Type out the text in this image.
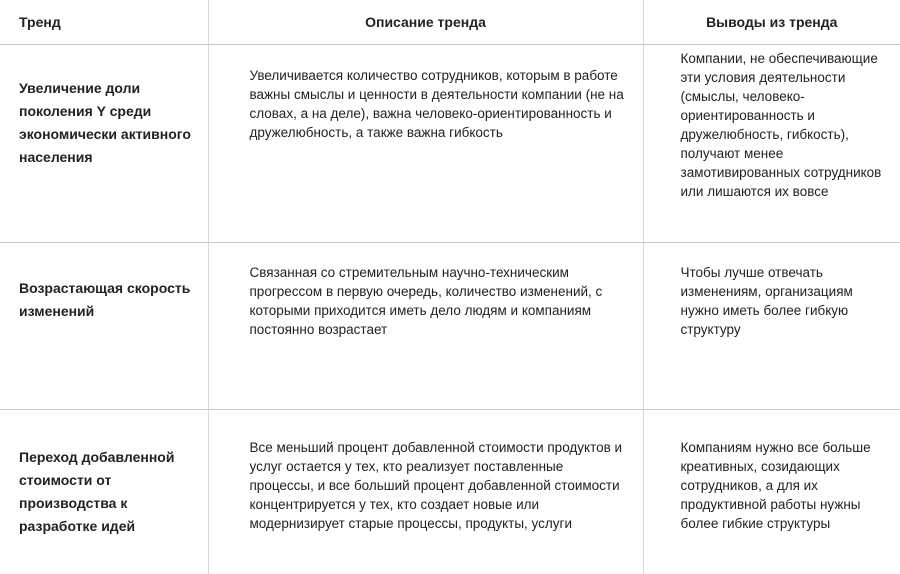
Тренд	Описание тренда	Выводы из тренда
Увеличение доли поколения Y среди экономически активного населения	Увеличивается количество сотрудников, которым в работе важны смыслы и ценности в деятельности компании (не на словах, а на деле), важна человеко-ориентированность и дружелюбность, а также важна гибкость	Компании, не обеспечивающие эти условия деятельности (смыслы, человеко-ориентированность и дружелюбность, гибкость), получают менее замотивированных сотрудников или лишаются их вовсе
Возрастающая скорость изменений	Связанная со стремительным научно-техническим прогрессом в первую очередь, количество изменений, с которыми приходится иметь дело людям и компаниям постоянно возрастает	Чтобы лучше отвечать изменениям, организациям нужно иметь более гибкую структуру
Переход добавленной стоимости от производства к разработке идей	Все меньший процент добавленной стоимости продуктов и услуг остается у тех, кто реализует поставленные процессы, и все больший процент добавленной стоимости концентрируется у тех, кто создает новые или модернизирует старые процессы, продукты, услуги	Компаниям нужно все больше креативных, созидающих сотрудников, а для их продуктивной работы нужны более гибкие структуры
